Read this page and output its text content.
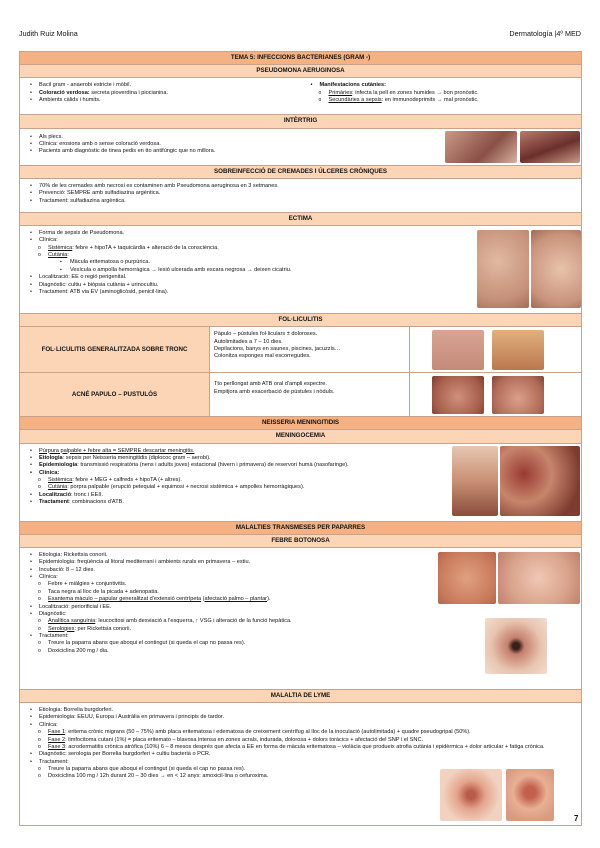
Judith Ruiz Molina	Dermatología |4º MED
TEMA 5: INFECCIONS BACTERIANES (GRAM -)
PSEUDOMONA AERUGINOSA
• Bacil gram - anaerobi estricte i mòbil.
• Coloració verdosa: secreta pioverdina i piocianina.
• Ambients càlids i humits.
• Manifestacions cutànies:
o Primàries: infecta la pell en zones humides → bon pronòstic.
o Secundàries a sepsis: en immunodeprimits → mal pronòstic.
INTÈRTRIG
• Als plecs.
• Clínica: erosions amb o sense coloració verdosa.
• Pacients amb diagnòstic de tinea pedis en tto antifúngic que no millora.
SOBREINFECCIÓ DE CREMADES I ÚLCERES CRÒNIQUES
• 70% de les cremades amb necrosi es contaminen amb Pseudomona aeruginosa en 3 setmanes.
• Prevenció: SEMPRE amb sulfadiazina argèntica.
• Tractament: sulfadiazina argèntica.
ECTIMA
• Forma de sepsis de Pseudomona.
• Clínica:
o Sistèmica: febre + hipoTA + taquicàrdia + alteració de la consciència.
o Cutània:
▪ Màcula eritematosa o purpúrica.
▪ Vesícula o ampolla hemorràgica → lesió ulcerada amb escara negrosa → deixen cicatriu.
• Localització: EE o regió perigenital.
• Diagnòstic: cultiu + biòpsia cutània + urinocultiu.
• Tractament: ATB via EV (aminoglicòsid, penicil·lina).
FOL·LICULITIS
FOL·LICULITIS GENERALITZADA SOBRE TRONC
Pàpulo – pústules fol·liculars ± doloroses.
Autolimitades a 7 – 10 dies.
Depilacions, banys en saunes, piscines, jacuzzis…
Colonitza esponges mal escorregudes.
ACNÉ PAPULO – PUSTULÓS
Tto perllongat amb ATB oral d'ampli espectre.
Empitjora amb exacerbació de pústules i nòduls.
NEISSERIA MENINGITIDIS
MENINGOCEMIA
• Púrpura palpable + febre alta = SEMPRE descartar meningitis.
• Etiologia: sepsis per Neisseria meningitidis (diplococ gram – aerobi).
• Epidemiologia: transmissió respiratòria (nens i adults joves) estacional (hivern i primavera) de reservori humà (nasofaringe).
• Clínica:
o Sistèmica: febre + MEG + calfreds + hipoTA (+ altres).
o Cutània: porpra palpable (erupció petequial + equimosi + necrosi sistèmica + ampolles hemorràgiques).
• Localització: tronc i EEII.
• Tractament: combinacions d'ATB.
MALALTIES TRANSMESES PER PAPARRES
FEBRE BOTONOSA
• Etiologia: Rickettsia conorii.
• Epidemiologia: freqüència al litoral mediterrani i ambients rurals en primavera – estiu.
• Incubació: 8 – 12 dies.
• Clínica:
o Febre + miàlgies + conjuntivitis.
o Taca negra al lloc de la picada + adenopatia.
o Exantema màculo – papular generalitzat d'extensió centrípeta (afectació palmo – plantar).
• Localització: periorificial i EE.
• Diagnòstic:
o Analítica sanguínia: leucocitosi amb desviació a l'esquerra, ↑ VSG i alteració de la funció hepàtica.
o Serologies: per Rickettsia conorii.
• Tractament:
o Treure la paparra abans que aboqui el contingut (si queda el cap no passa res).
o Doxiciclina 200 mg / dia.
MALALTIA DE LYME
• Etiologia: Borrelia burgdorferi.
• Epidemiologia: EEUU, Europa i Austràlia en primavera i principis de tardor.
• Clínica:
o Fase 1: eritema crònic migrans (50 – 75%) amb placa eritematosa i edematosa de creixement centrífug al lloc de la inoculació (autolimitada) + quadre pseudogripal (50%).
o Fase 2: limfocitoma cutani (1%) = placa eritemato – blavosa intensa en zones acrals, indurada, dolorosa + dolors toràcics + afectació del SNP i el SNC.
o Fase 3: acrodermatitis crònica atròfica (10%) 6 – 8 mesos després que afecta a EE en forma de màcula eritematosa – violàcia que produeix atrofia cutània i epidèrmica + dolor articular + fatiga crònica.
• Diagnòstic: serologia per Borrelia burgdorferi + cultiu bacterià o PCR.
• Tractament:
o Treure la paparra abans que aboqui el contingut (si queda el cap no passa res).
o Doxiciclina 100 mg / 12h durant 20 – 30 dies → en < 12 anys: amoxicil·lina o cefuroxima.
7
